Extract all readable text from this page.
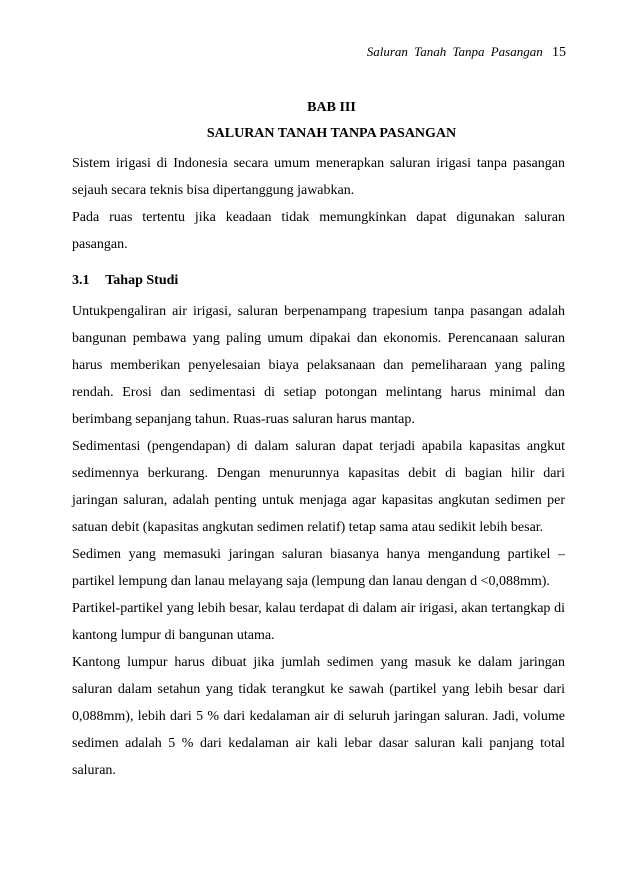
Saluran Tanah Tanpa Pasangan 15
BAB III
SALURAN TANAH TANPA PASANGAN

Sistem irigasi di Indonesia secara umum menerapkan saluran irigasi tanpa pasangan sejauh secara teknis bisa dipertanggung jawabkan.

Pada ruas tertentu jika keadaan tidak memungkinkan dapat digunakan saluran pasangan.

3.1 Tahap Studi

Untukpengaliran air irigasi, saluran berpenampang trapesium tanpa pasangan adalah bangunan pembawa yang paling umum dipakai dan ekonomis. Perencanaan saluran harus memberikan penyelesaian biaya pelaksanaan dan pemeliharaan yang paling rendah. Erosi dan sedimentasi di setiap potongan melintang harus minimal dan berimbang sepanjang tahun. Ruas-ruas saluran harus mantap.

Sedimentasi (pengendapan) di dalam saluran dapat terjadi apabila kapasitas angkut sedimennya berkurang. Dengan menurunnya kapasitas debit di bagian hilir dari jaringan saluran, adalah penting untuk menjaga agar kapasitas angkutan sedimen per satuan debit (kapasitas angkutan sedimen relatif) tetap sama atau sedikit lebih besar.

Sedimen yang memasuki jaringan saluran biasanya hanya mengandung partikel – partikel lempung dan lanau melayang saja (lempung dan lanau dengan d <0,088mm).

Partikel-partikel yang lebih besar, kalau terdapat di dalam air irigasi, akan tertangkap di kantong lumpur di bangunan utama.

Kantong lumpur harus dibuat jika jumlah sedimen yang masuk ke dalam jaringan saluran dalam setahun yang tidak terangkut ke sawah (partikel yang lebih besar dari 0,088mm), lebih dari 5 % dari kedalaman air di seluruh jaringan saluran. Jadi, volume sedimen adalah 5 % dari kedalaman air kali lebar dasar saluran kali panjang total saluran.
